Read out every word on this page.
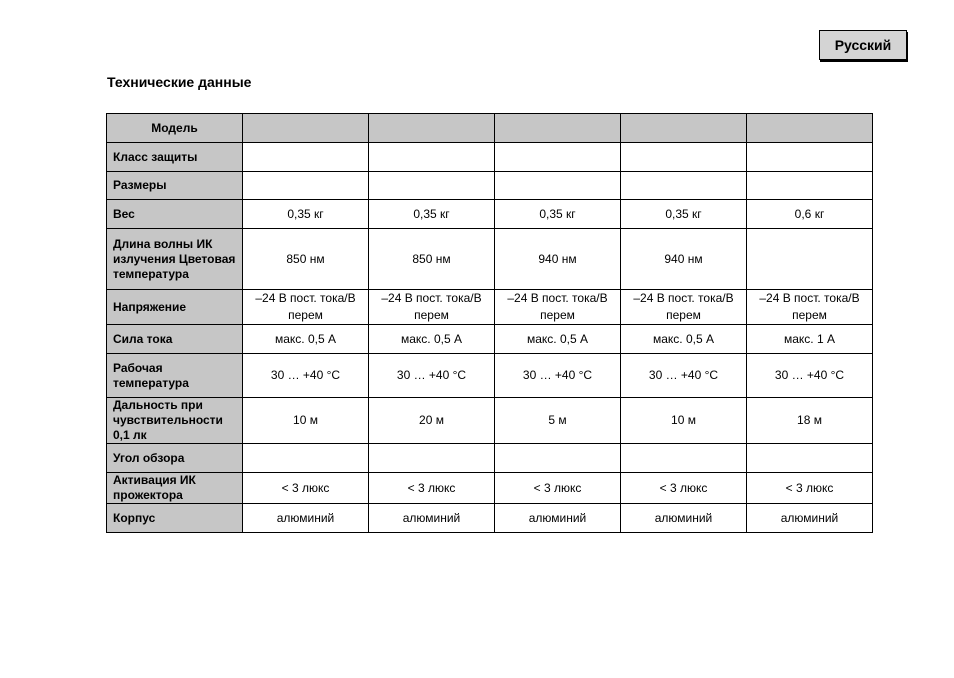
Русский
Технические данные
Модель					
Класс защиты					
Размеры					
Вес	0,35 кг	0,35 кг	0,35 кг	0,35 кг	0,6 кг
Длина волны ИК излучения Цветовая температура	850 нм	850 нм	940 нм	940 нм	
Напряжение	–24 В пост. тока/В перем	–24 В пост. тока/В перем	–24 В пост. тока/В перем	–24 В пост. тока/В перем	–24 В пост. тока/В перем
Сила тока	макс. 0,5 А	макс. 0,5 А	макс. 0,5 А	макс. 0,5 А	макс. 1 А
Рабочая температура	30 … +40 °C	30 … +40 °C	30 … +40 °C	30 … +40 °C	30 … +40 °C
Дальность при чувствительности 0,1 лк	10 м	20 м	5 м	10 м	18 м
Угол обзора					
Активация ИК прожектора	< 3 люкс	< 3 люкс	< 3 люкс	< 3 люкс	< 3 люкс
Корпус	алюминий	алюминий	алюминий	алюминий	алюминий
